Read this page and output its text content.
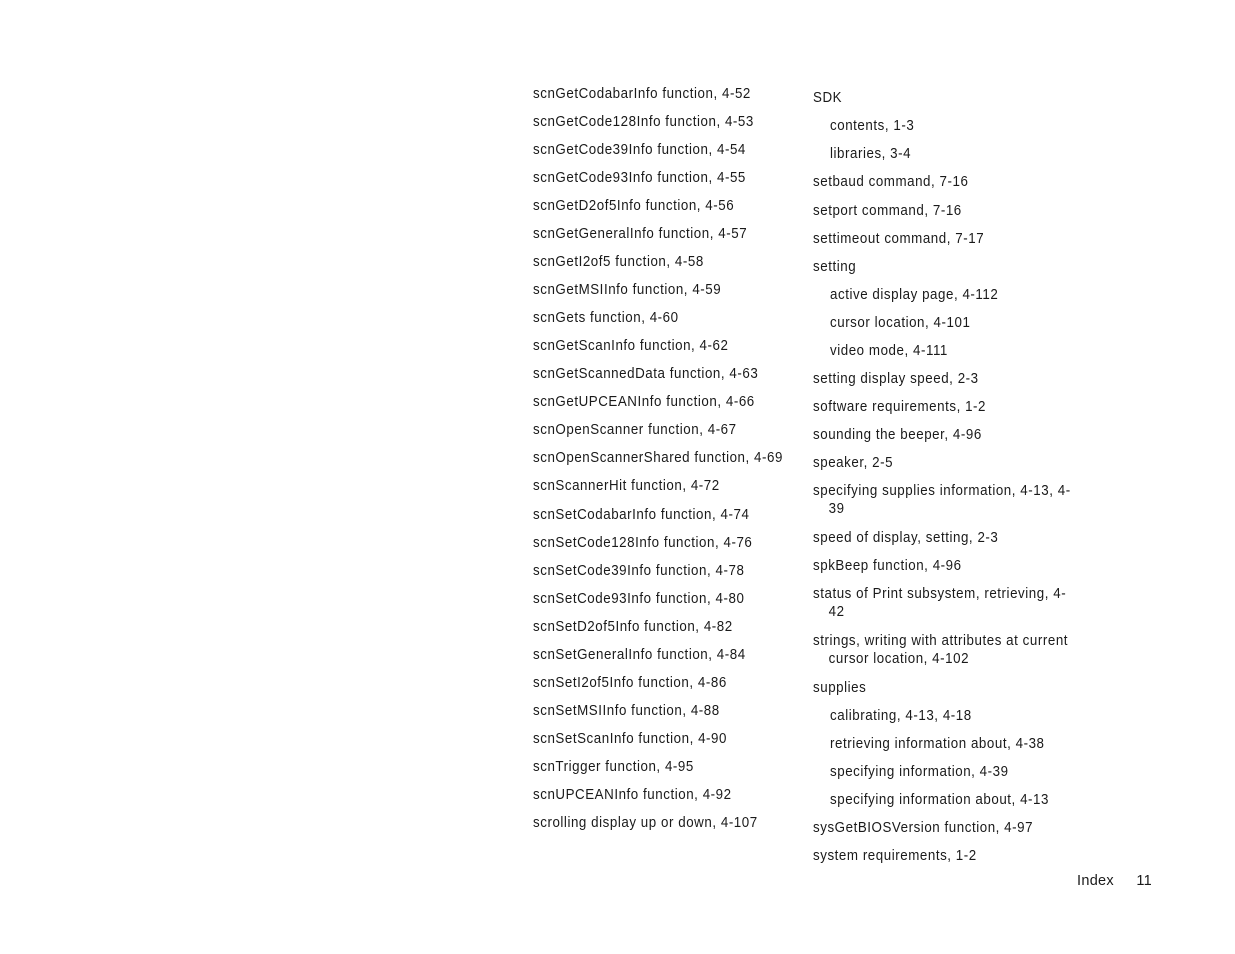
scnGetCodabarInfo function, 4-52
scnGetCode128Info function, 4-53
scnGetCode39Info function, 4-54
scnGetCode93Info function, 4-55
scnGetD2of5Info function, 4-56
scnGetGeneralInfo function, 4-57
scnGetI2of5 function, 4-58
scnGetMSIInfo function, 4-59
scnGets function, 4-60
scnGetScanInfo function, 4-62
scnGetScannedData function, 4-63
scnGetUPCEANInfo function, 4-66
scnOpenScanner function, 4-67
scnOpenScannerShared function, 4-69
scnScannerHit function, 4-72
scnSetCodabarInfo function, 4-74
scnSetCode128Info function, 4-76
scnSetCode39Info function, 4-78
scnSetCode93Info function, 4-80
scnSetD2of5Info function, 4-82
scnSetGeneralInfo function, 4-84
scnSetI2of5Info function, 4-86
scnSetMSIInfo function, 4-88
scnSetScanInfo function, 4-90
scnTrigger function, 4-95
scnUPCEANInfo function, 4-92
scrolling display up or down, 4-107
SDK
contents, 1-3
libraries, 3-4
setbaud command, 7-16
setport command, 7-16
settimeout command, 7-17
setting
active display page, 4-112
cursor location, 4-101
video mode, 4-111
setting display speed, 2-3
software requirements, 1-2
sounding the beeper, 4-96
speaker, 2-5
specifying supplies information, 4-13, 4-39
speed of display, setting, 2-3
spkBeep function, 4-96
status of Print subsystem, retrieving, 4-42
strings, writing with attributes at current cursor location, 4-102
supplies
calibrating, 4-13, 4-18
retrieving information about, 4-38
specifying information, 4-39
specifying information about, 4-13
sysGetBIOSVersion function, 4-97
system requirements, 1-2
Index 11
